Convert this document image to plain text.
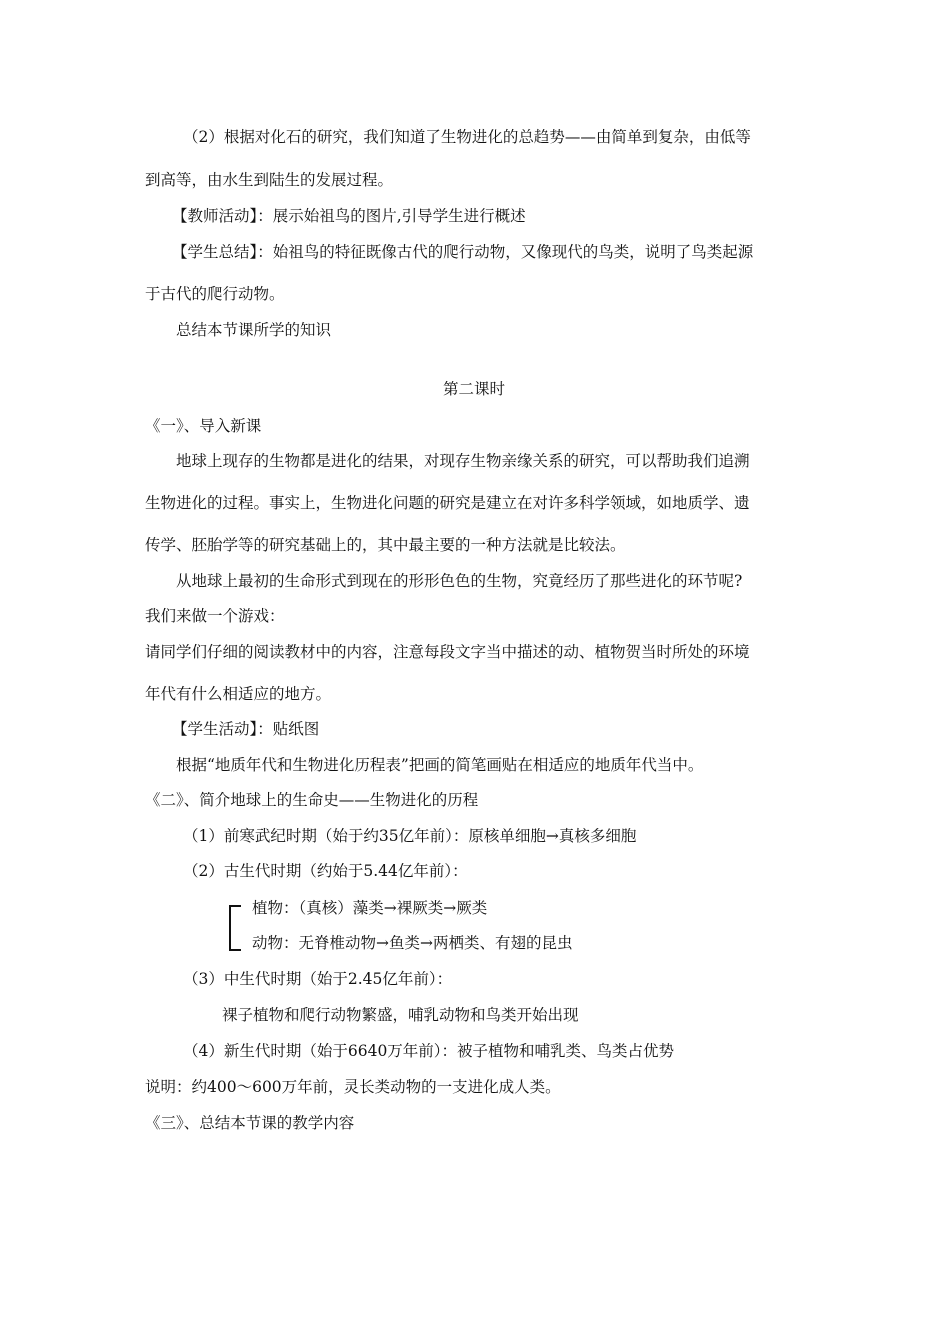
（2）根据对化石的研究，我们知道了生物进化的总趋势——由简单到复杂，由低等
到高等，由水生到陆生的发展过程。
【教师活动】：展示始祖鸟的图片,引导学生进行概述
【学生总结】：始祖鸟的特征既像古代的爬行动物，又像现代的鸟类，说明了鸟类起源
于古代的爬行动物。
总结本节课所学的知识
第二课时
《一》、导入新课
地球上现存的生物都是进化的结果，对现存生物亲缘关系的研究，可以帮助我们追溯
生物进化的过程。事实上，生物进化问题的研究是建立在对许多科学领域，如地质学、遗
传学、胚胎学等的研究基础上的，其中最主要的一种方法就是比较法。
从地球上最初的生命形式到现在的形形色色的生物，究竟经历了那些进化的环节呢?
我们来做一个游戏：
请同学们仔细的阅读教材中的内容，注意每段文字当中描述的动、植物贺当时所处的环境
年代有什么相适应的地方。
【学生活动】：贴纸图
根据“地质年代和生物进化历程表”把画的简笔画贴在相适应的地质年代当中。
《二》、简介地球上的生命史——生物进化的历程
（1）前寒武纪时期（始于约35亿年前）：原核单细胞→真核多细胞
（2）古生代时期（约始于5.44亿年前）：
植物：（真核）藻类→裸厥类→厥类
动物：无脊椎动物→鱼类→两栖类、有翅的昆虫
（3）中生代时期（始于2.45亿年前）：
裸子植物和爬行动物繁盛，哺乳动物和鸟类开始出现
（4）新生代时期（始于6640万年前）：被子植物和哺乳类、鸟类占优势
说明：约400～600万年前，灵长类动物的一支进化成人类。
《三》、总结本节课的教学内容
